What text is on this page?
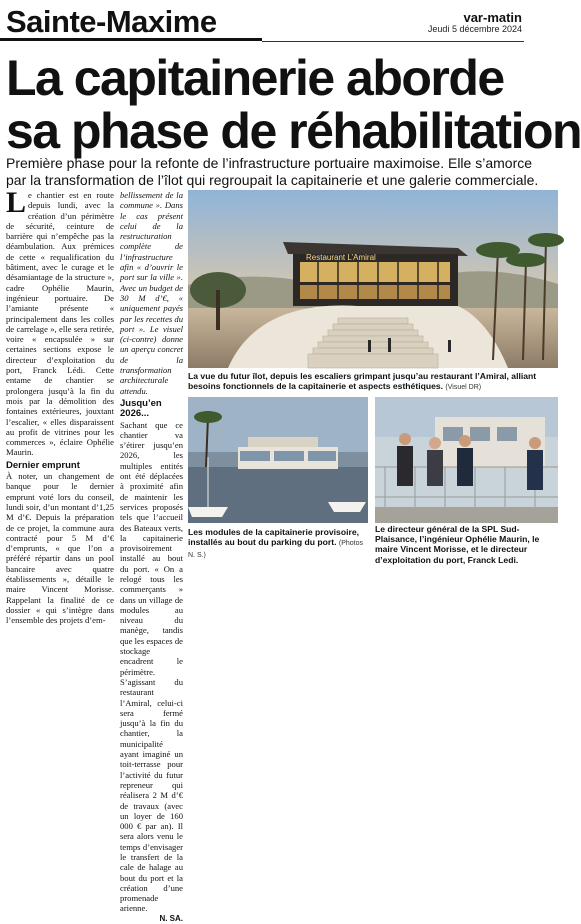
Sainte-Maxime	var-matin
Jeudi 5 décembre 2024
La capitainerie aborde
sa phase de réhabilitation

Première phase pour la refonte de l’infrastructure portuaire maximoise. Elle s’amorce par la transformation de l’îlot qui regroupait la capitainerie et une galerie commerciale.

Le chantier est en route depuis lundi, avec la création d’un périmètre de sécurité, ceinture de barrière qui n’empêche pas la déambulation. Aux prémices de cette « requalification du bâtiment, avec le curage et le désamiantage de la structure », cadre Ophélie Maurin, ingénieur portuaire. De l’amiante présente « principalement dans les colles de carrelage », elle sera retirée, voire « encapsulée » sur certaines sections expose le directeur d’exploitation du port, Franck Lédi. Cette entame de chantier se prolongera jusqu’à la fin du mois par la démolition des fontaines extérieures, jouxtant l’escalier, « elles disparaissent au profit de vitrines pour les commerces », éclaire Ophélie Maurin.

Dernier emprunt

À noter, un changement de banque pour le dernier emprunt voté lors du conseil, lundi soir, d’un montant d’1,25 M d’€. Depuis la préparation de ce projet, la commune aura contracté pour 5 M d’€ d’emprunts, « que l’on a préféré répartir dans un pool bancaire avec quatre établissements », détaille le maire Vincent Morisse. Rappelant la finalité de ce dossier « qui s’intègre dans l’ensemble des projets d’em-

bellissement de la commune ». Dans le cas présent celui de la restructuration complète de l’infrastructure afin « d’ouvrir le port sur la ville ». Avec un budget de 30 M d’€, « uniquement payés par les recettes du port ». Le visuel (ci-contre) donne un aperçu concret de la transformation architecturale attendu.

Jusqu’en 2026...

Sachant que ce chantier va s’étirer jusqu’en 2026, les multiples entités ont été déplacées à proximité afin de maintenir les services proposés tels que l’accueil des Bateaux verts, la capitainerie provisoirement installé au bout du port. « On a relogé tous les commerçants » dans un village de modules au niveau du manège, tandis que les espaces de stockage encadrent le périmètre. S’agissant du restaurant l’Amiral, celui-ci sera fermé jusqu’à la fin du chantier, la municipalité ayant imaginé un toit-terrasse pour l’activité du futur repreneur qui réalisera 2 M d’€ de travaux (avec un loyer de 160 000 € par an). Il sera alors venu le temps d’envisager le transfert de la cale de halage au bout du port et la création d’une promenade arienne.

N. SA.
Restaurant L’Amiral
La vue du futur îlot, depuis les escaliers grimpant jusqu’au restaurant l’Amiral, alliant besoins fonctionnels de la capitainerie et aspects esthétiques. (Visuel DR)
Les modules de la capitainerie provisoire, installés au bout du parking du port. (Photos N. S.)
Le directeur général de la SPL Sud-Plaisance, l’ingénieur Ophélie Maurin, le maire Vincent Morisse, et le directeur d’exploitation du port, Franck Ledi.
